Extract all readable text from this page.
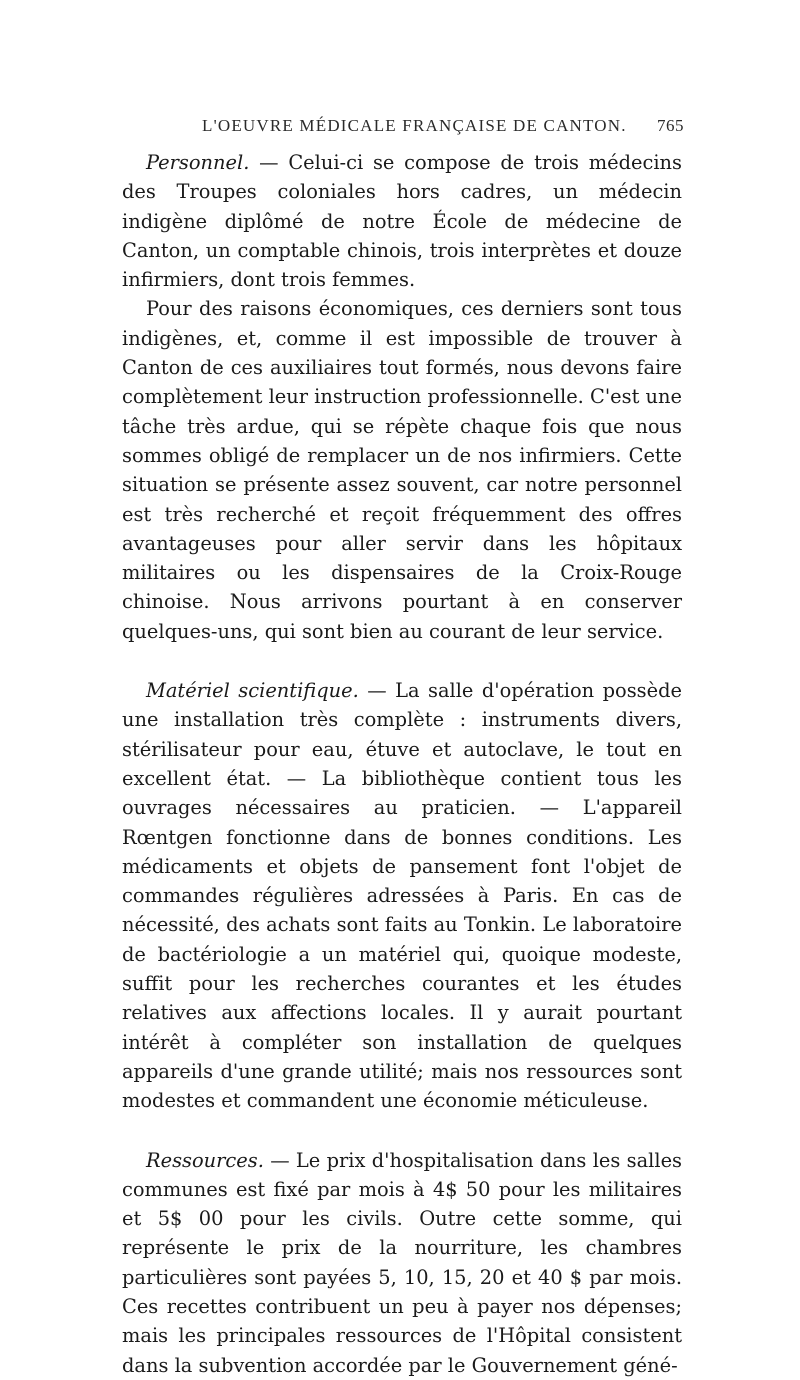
L'OEUVRE MÉDICALE FRANÇAISE DE CANTON. 765

Personnel. — Celui-ci se compose de trois médecins des Troupes coloniales hors cadres, un médecin indigène diplômé de notre École de médecine de Canton, un comptable chinois, trois interprètes et douze infirmiers, dont trois femmes.

Pour des raisons économiques, ces derniers sont tous indigènes, et, comme il est impossible de trouver à Canton de ces auxiliaires tout formés, nous devons faire complètement leur instruction professionnelle. C'est une tâche très ardue, qui se répète chaque fois que nous sommes obligé de remplacer un de nos infirmiers. Cette situation se présente assez souvent, car notre personnel est très recherché et reçoit fréquemment des offres avantageuses pour aller servir dans les hôpitaux militaires ou les dispensaires de la Croix-Rouge chinoise. Nous arrivons pourtant à en conserver quelques-uns, qui sont bien au courant de leur service.

Matériel scientifique. — La salle d'opération possède une installation très complète : instruments divers, stérilisateur pour eau, étuve et autoclave, le tout en excellent état. — La bibliothèque contient tous les ouvrages nécessaires au praticien. — L'appareil Rœntgen fonctionne dans de bonnes conditions. Les médicaments et objets de pansement font l'objet de commandes régulières adressées à Paris. En cas de nécessité, des achats sont faits au Tonkin. Le laboratoire de bactériologie a un matériel qui, quoique modeste, suffit pour les recherches courantes et les études relatives aux affections locales. Il y aurait pourtant intérêt à compléter son installation de quelques appareils d'une grande utilité; mais nos ressources sont modestes et commandent une économie méticuleuse.

Ressources. — Le prix d'hospitalisation dans les salles communes est fixé par mois à 4$ 50 pour les militaires et 5$ 00 pour les civils. Outre cette somme, qui représente le prix de la nourriture, les chambres particulières sont payées 5, 10, 15, 20 et 40 $ par mois. Ces recettes contribuent un peu à payer nos dépenses; mais les principales ressources de l'Hôpital consistent dans la subvention accordée par le Gouvernement géné-
